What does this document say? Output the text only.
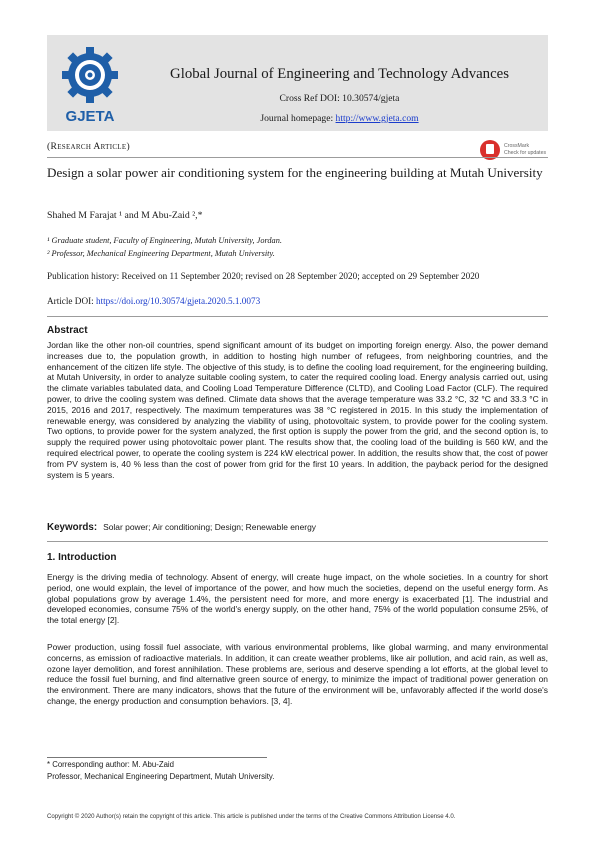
GJETA
Global Journal of Engineering and Technology Advances
Cross Ref DOI: 10.30574/gjeta
Journal homepage: http://www.gjeta.com
(Research Article)	CrossMark
Check for updates
Design a solar power air conditioning system for the engineering building at Mutah University
Shahed M Farajat ¹ and M Abu-Zaid ²,*
¹ Graduate student, Faculty of Engineering, Mutah University, Jordan.
² Professor, Mechanical Engineering Department, Mutah University.
Publication history: Received on 11 September 2020; revised on 28 September 2020; accepted on 29 September 2020
Article DOI: https://doi.org/10.30574/gjeta.2020.5.1.0073
Abstract
Jordan like the other non-oil countries, spend significant amount of its budget on importing foreign energy. Also, the power demand increases due to, the population growth, in addition to hosting high number of refugees, from neighboring countries, and the enhancement of the citizen life style. The objective of this study, is to define the cooling load requirement, for the engineering building, at Mutah University, in order to analyze suitable cooling system, to cater the required cooling load. Energy analysis carried out, using the climate variables tabulated data, and Cooling Load Temperature Difference (CLTD), and Cooling Load Factor (CLF). The required power, to drive the cooling system was defined. Climate data shows that the average temperature was 33.2 °C, 32 °C and 33.3 °C in 2015, 2016 and 2017, respectively. The maximum temperatures was 38 °C registered in 2015. In this study the implementation of renewable energy, was considered by analyzing the viability of using, photovoltaic system, to provide power for the cooling system. Two options, to provide power for the system analyzed, the first option is supply the power from the grid, and the second option is, to supply the required power using photovoltaic power plant. The results show that, the cooling load of the building is 560 kW, and the required electrical power, to operate the cooling system is 224 kW electrical power. In addition, the results show that, the cost of power from PV system is, 40 % less than the cost of power from grid for the first 10 years. In addition, the payback period for the designed system is 5 years.
Keywords: Solar power; Air conditioning; Design; Renewable energy
1. Introduction
Energy is the driving media of technology. Absent of energy, will create huge impact, on the whole societies. In a country for short period, one would explain, the level of importance of the power, and how much the societies, depend on the useful energy form. As global populations grow by average 1.4%, the persistent need for more, and more energy is exacerbated [1]. The industrial and developed economies, consume 75% of the world's energy supply, on the other hand, 75% of the world population consume 25%, of the total energy [2].
Power production, using fossil fuel associate, with various environmental problems, like global warming, and many environmental concerns, as emission of radioactive materials. In addition, it can create weather problems, like air pollution, and acid rain, as well as, ozone layer demolition, and forest annihilation. These problems are, serious and deserve spending a lot efforts, at the global level to reduce the fossil fuel burning, and find alternative green source of energy, to minimize the impact of traditional power generation on the environment. There are many indicators, shows that the future of the environment will be, unfavorably affected if the world dose's change, the energy production and consumption behaviors. [3, 4].
* Corresponding author: M. Abu-Zaid
Professor, Mechanical Engineering Department, Mutah University.
Copyright © 2020 Author(s) retain the copyright of this article. This article is published under the terms of the Creative Commons Attribution License 4.0.
